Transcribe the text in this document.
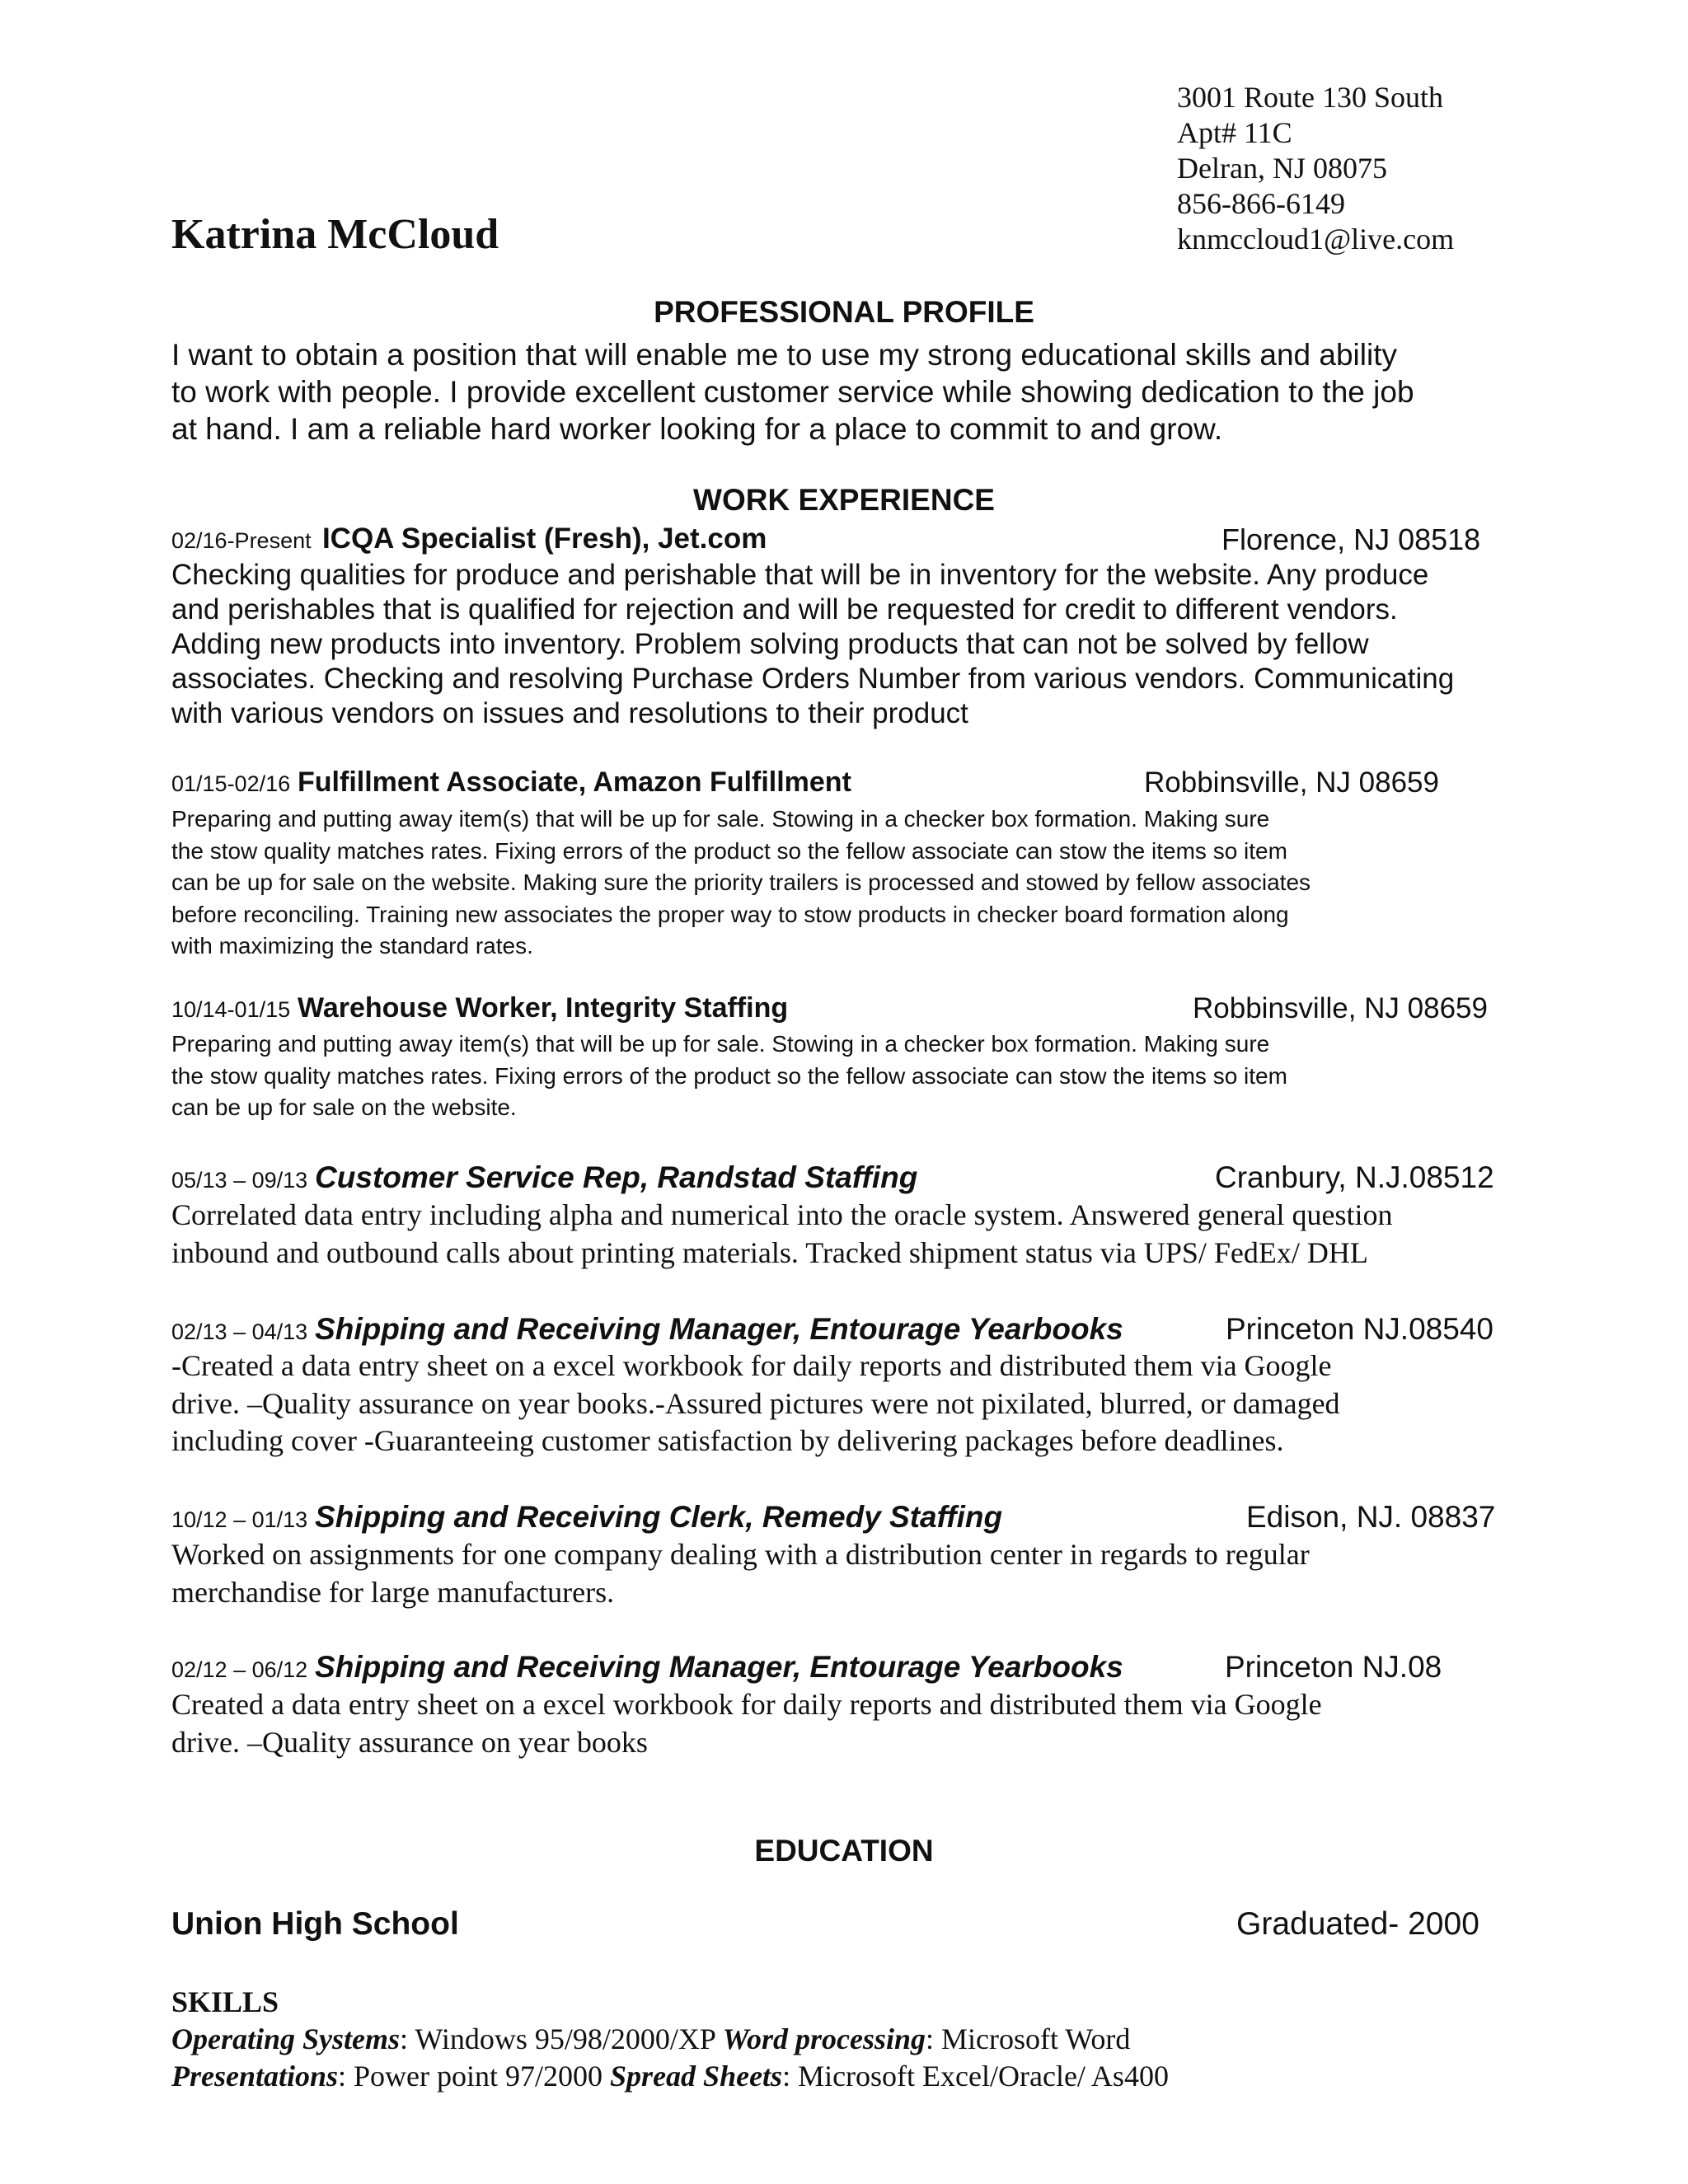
3001 Route 130 South
Apt# 11C
Delran, NJ 08075
856-866-6149
knmccloud1@live.com
Katrina McCloud
PROFESSIONAL PROFILE
I want to obtain a position that will enable me to use my strong educational skills and ability
to work with people. I provide excellent customer service while showing dedication to the job
at hand. I am a reliable hard worker looking for a place to commit to and grow.
WORK EXPERIENCE
02/16-Present ICQA Specialist (Fresh), Jet.com	Florence, NJ 08518
Checking qualities for produce and perishable that will be in inventory for the website. Any produce
and perishables that is qualified for rejection and will be requested for credit to different vendors.
Adding new products into inventory. Problem solving products that can not be solved by fellow
associates. Checking and resolving Purchase Orders Number from various vendors. Communicating
with various vendors on issues and resolutions to their product
01/15-02/16 Fulfillment Associate, Amazon Fulfillment	Robbinsville, NJ 08659
Preparing and putting away item(s) that will be up for sale. Stowing in a checker box formation. Making sure
the stow quality matches rates. Fixing errors of the product so the fellow associate can stow the items so item
can be up for sale on the website. Making sure the priority trailers is processed and stowed by fellow associates
before reconciling. Training new associates the proper way to stow products in checker board formation along
with maximizing the standard rates.
10/14-01/15 Warehouse Worker, Integrity Staffing	Robbinsville, NJ 08659
Preparing and putting away item(s) that will be up for sale. Stowing in a checker box formation. Making sure
the stow quality matches rates. Fixing errors of the product so the fellow associate can stow the items so item
can be up for sale on the website.
05/13 – 09/13 Customer Service Rep, Randstad Staffing	Cranbury, N.J.08512
Correlated data entry including alpha and numerical into the oracle system. Answered general question
inbound and outbound calls about printing materials. Tracked shipment status via UPS/ FedEx/ DHL
02/13 – 04/13 Shipping and Receiving Manager, Entourage Yearbooks	Princeton NJ.08540
-Created a data entry sheet on a excel workbook for daily reports and distributed them via Google
drive. –Quality assurance on year books.-Assured pictures were not pixilated, blurred, or damaged
including cover -Guaranteeing customer satisfaction by delivering packages before deadlines.
10/12 – 01/13 Shipping and Receiving Clerk, Remedy Staffing	Edison, NJ. 08837
Worked on assignments for one company dealing with a distribution center in regards to regular
merchandise for large manufacturers.
02/12 – 06/12 Shipping and Receiving Manager, Entourage Yearbooks	Princeton NJ.08
Created a data entry sheet on a excel workbook for daily reports and distributed them via Google
drive. –Quality assurance on year books
EDUCATION
Union High School	Graduated- 2000
SKILLS
Operating Systems: Windows 95/98/2000/XP Word processing: Microsoft Word
Presentations: Power point 97/2000 Spread Sheets: Microsoft Excel/Oracle/ As400
